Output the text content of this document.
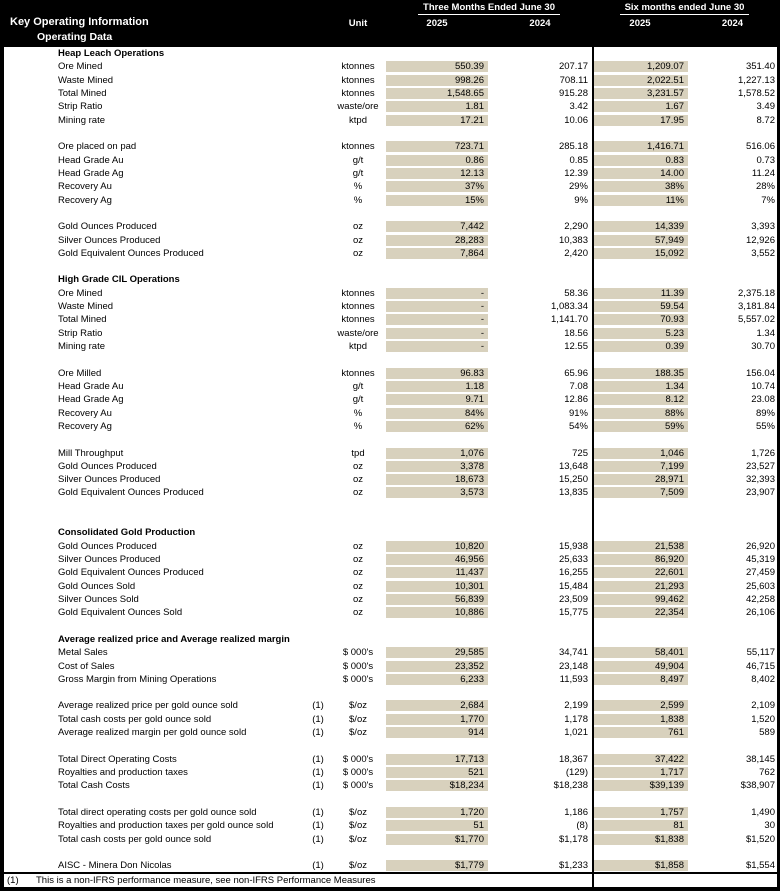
Key Operating Information
Operating Data
Unit
Three Months Ended June 30	Six months ended June 30
2025	2024	2025	2024
Heap Leach Operations
Ore Mined	ktonnes	550.39	207.17	1,209.07	351.40
Waste Mined	ktonnes	998.26	708.11	2,022.51	1,227.13
Total Mined	ktonnes	1,548.65	915.28	3,231.57	1,578.52
Strip Ratio	waste/ore	1.81	3.42	1.67	3.49
Mining rate	ktpd	17.21	10.06	17.95	8.72
Ore placed on pad	ktonnes	723.71	285.18	1,416.71	516.06
Head Grade Au	g/t	0.86	0.85	0.83	0.73
Head Grade Ag	g/t	12.13	12.39	14.00	11.24
Recovery Au	%	37%	29%	38%	28%
Recovery Ag	%	15%	9%	11%	7%
Gold Ounces Produced	oz	7,442	2,290	14,339	3,393
Silver Ounces Produced	oz	28,283	10,383	57,949	12,926
Gold Equivalent Ounces Produced	oz	7,864	2,420	15,092	3,552
High Grade CIL Operations
Ore Mined	ktonnes	-	58.36	11.39	2,375.18
Waste Mined	ktonnes	-	1,083.34	59.54	3,181.84
Total Mined	ktonnes	-	1,141.70	70.93	5,557.02
Strip Ratio	waste/ore	-	18.56	5.23	1.34
Mining rate	ktpd	-	12.55	0.39	30.70
Ore Milled	ktonnes	96.83	65.96	188.35	156.04
Head Grade Au	g/t	1.18	7.08	1.34	10.74
Head Grade Ag	g/t	9.71	12.86	8.12	23.08
Recovery Au	%	84%	91%	88%	89%
Recovery Ag	%	62%	54%	59%	55%
Mill Throughput	tpd	1,076	725	1,046	1,726
Gold Ounces Produced	oz	3,378	13,648	7,199	23,527
Silver Ounces Produced	oz	18,673	15,250	28,971	32,393
Gold Equivalent Ounces Produced	oz	3,573	13,835	7,509	23,907
Consolidated Gold Production
Gold Ounces Produced	oz	10,820	15,938	21,538	26,920
Silver Ounces Produced	oz	46,956	25,633	86,920	45,319
Gold Equivalent Ounces Produced	oz	11,437	16,255	22,601	27,459
Gold Ounces Sold	oz	10,301	15,484	21,293	25,603
Silver Ounces Sold	oz	56,839	23,509	99,462	42,258
Gold Equivalent Ounces Sold	oz	10,886	15,775	22,354	26,106
Average realized price and Average realized margin
Metal Sales	$ 000's	29,585	34,741	58,401	55,117
Cost of Sales	$ 000's	23,352	23,148	49,904	46,715
Gross Margin from Mining Operations	$ 000's	6,233	11,593	8,497	8,402
Average realized price per gold ounce sold	(1)	$/oz	2,684	2,199	2,599	2,109
Total cash costs per gold ounce sold	(1)	$/oz	1,770	1,178	1,838	1,520
Average realized margin per gold ounce sold	(1)	$/oz	914	1,021	761	589
Total Direct Operating Costs	(1)	$ 000's	17,713	18,367	37,422	38,145
Royalties and production taxes	(1)	$ 000's	521	(129)	1,717	762
Total Cash Costs	(1)	$ 000's	$18,234	$18,238	$39,139	$38,907
Total direct operating costs per gold ounce sold	(1)	$/oz	1,720	1,186	1,757	1,490
Royalties and production taxes per gold ounce sold	(1)	$/oz	51	(8)	81	30
Total cash costs per gold ounce sold	(1)	$/oz	$1,770	$1,178	$1,838	$1,520
AISC - Minera Don Nicolas	(1)	$/oz	$1,779	$1,233	$1,858	$1,554
(1)	This is a non-IFRS performance measure, see non-IFRS Performance Measures
